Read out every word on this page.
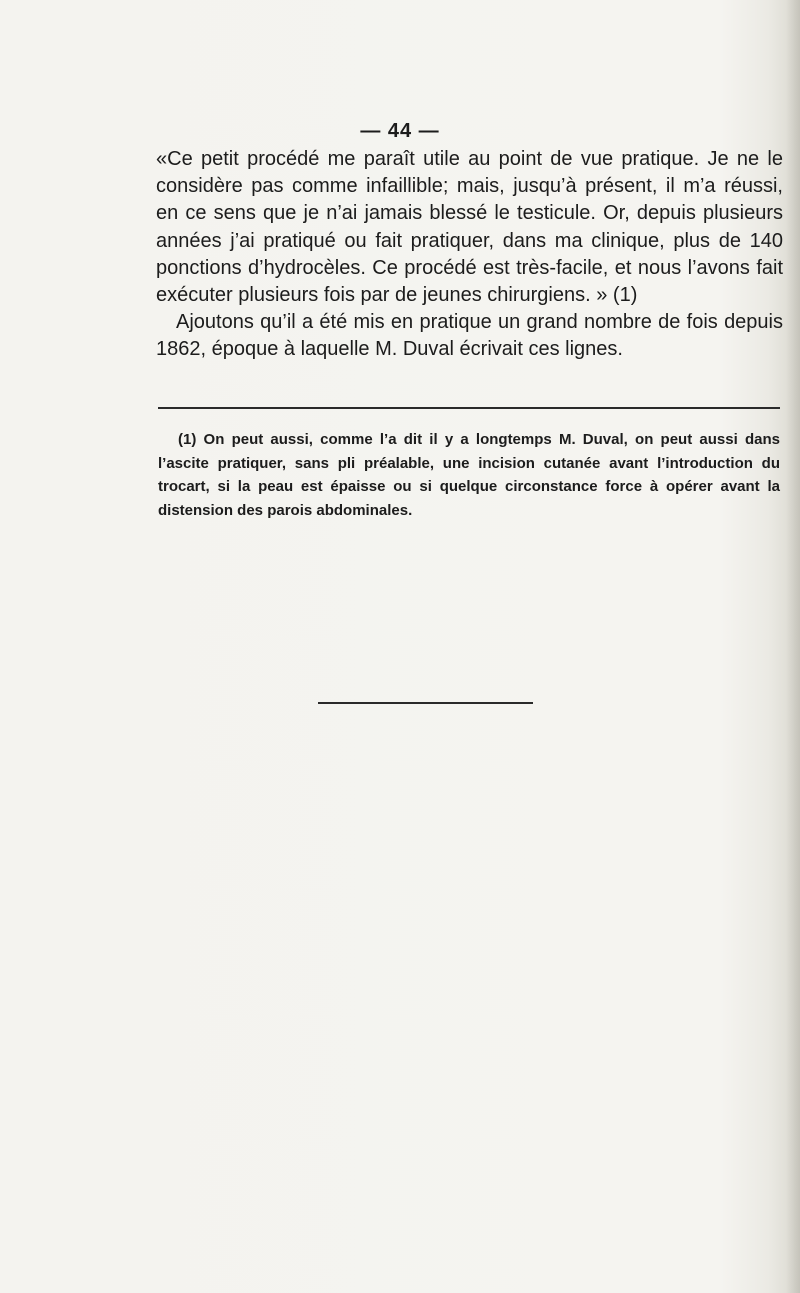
— 44 —

«Ce petit procédé me paraît utile au point de vue pratique. Je ne le considère pas comme infaillible; mais, jusqu’à présent, il m’a réussi, en ce sens que je n’ai jamais blessé le testicule. Or, depuis plusieurs années j’ai pratiqué ou fait pratiquer, dans ma clinique, plus de 140 ponctions d’hydrocèles. Ce procédé est très-facile, et nous l’avons fait exécuter plusieurs fois par de jeunes chirurgiens. » (1)

Ajoutons qu’il a été mis en pratique un grand nombre de fois depuis 1862, époque à laquelle M. Duval écrivait ces lignes.

(1) On peut aussi, comme l’a dit il y a longtemps M. Duval, on peut aussi dans l’ascite pratiquer, sans pli préalable, une incision cutanée avant l’introduction du trocart, si la peau est épaisse ou si quelque circonstance force à opérer avant la distension des parois abdominales.
